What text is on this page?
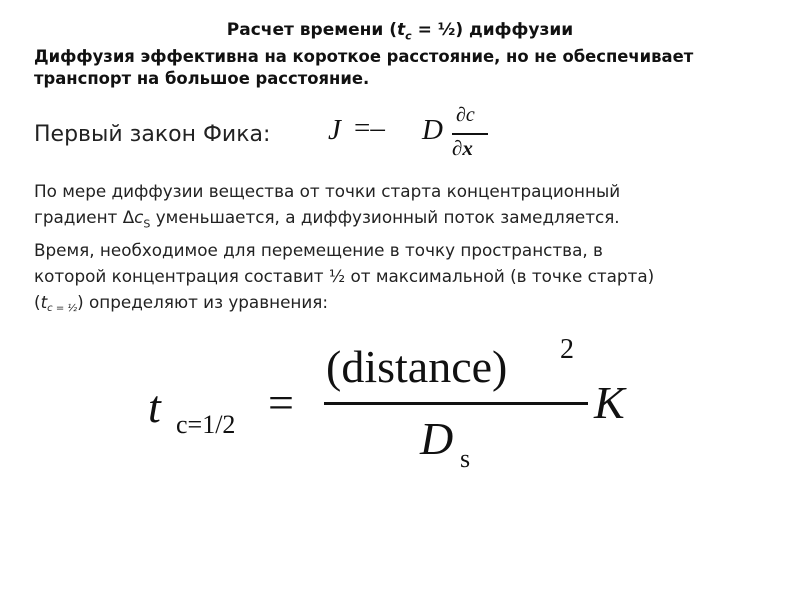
Расчет времени ($t_c$ = ½) диффузии
Диффузия эффективна на короткое расстояние, но не обеспечивает
транспорт на большое расстояние.
Первый закон Фика: J =– D ∂c
∂x
По мере диффузии вещества от точки старта концентрационный
градиент $\Delta c_S$ уменьшается, а диффузионный поток замедляется.
Время, необходимое для перемещение в точку пространства, в
которой концентрация составит ½ от максимальной (в точке старта)
(tc = ½) определяют из уравнения:
t c=1/2 =
(distance) 2
D s
K
